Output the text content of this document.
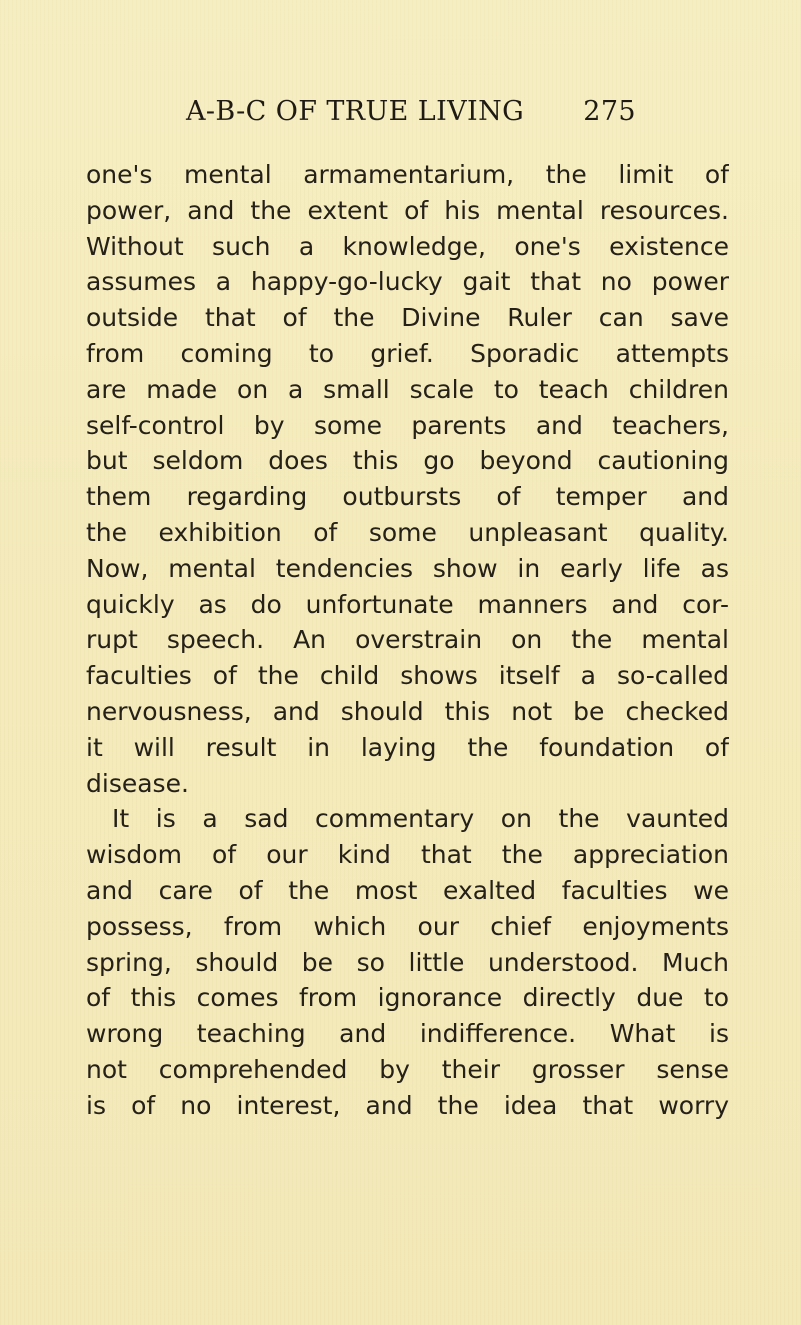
A-B-C OF TRUE LIVING 275
one's mental armamentarium, the limit of
power, and the extent of his mental resources.
Without such a knowledge, one's existence
assumes a happy-go-lucky gait that no power
outside that of the Divine Ruler can save
from coming to grief. Sporadic attempts
are made on a small scale to teach children
self-control by some parents and teachers,
but seldom does this go beyond cautioning
them regarding outbursts of temper and
the exhibition of some unpleasant quality.
Now, mental tendencies show in early life as
quickly as do unfortunate manners and cor-
rupt speech. An overstrain on the mental
faculties of the child shows itself a so-called
nervousness, and should this not be checked
it will result in laying the foundation of
disease.
It is a sad commentary on the vaunted
wisdom of our kind that the appreciation
and care of the most exalted faculties we
possess, from which our chief enjoyments
spring, should be so little understood. Much
of this comes from ignorance directly due to
wrong teaching and indifference. What is
not comprehended by their grosser sense
is of no interest, and the idea that worry
